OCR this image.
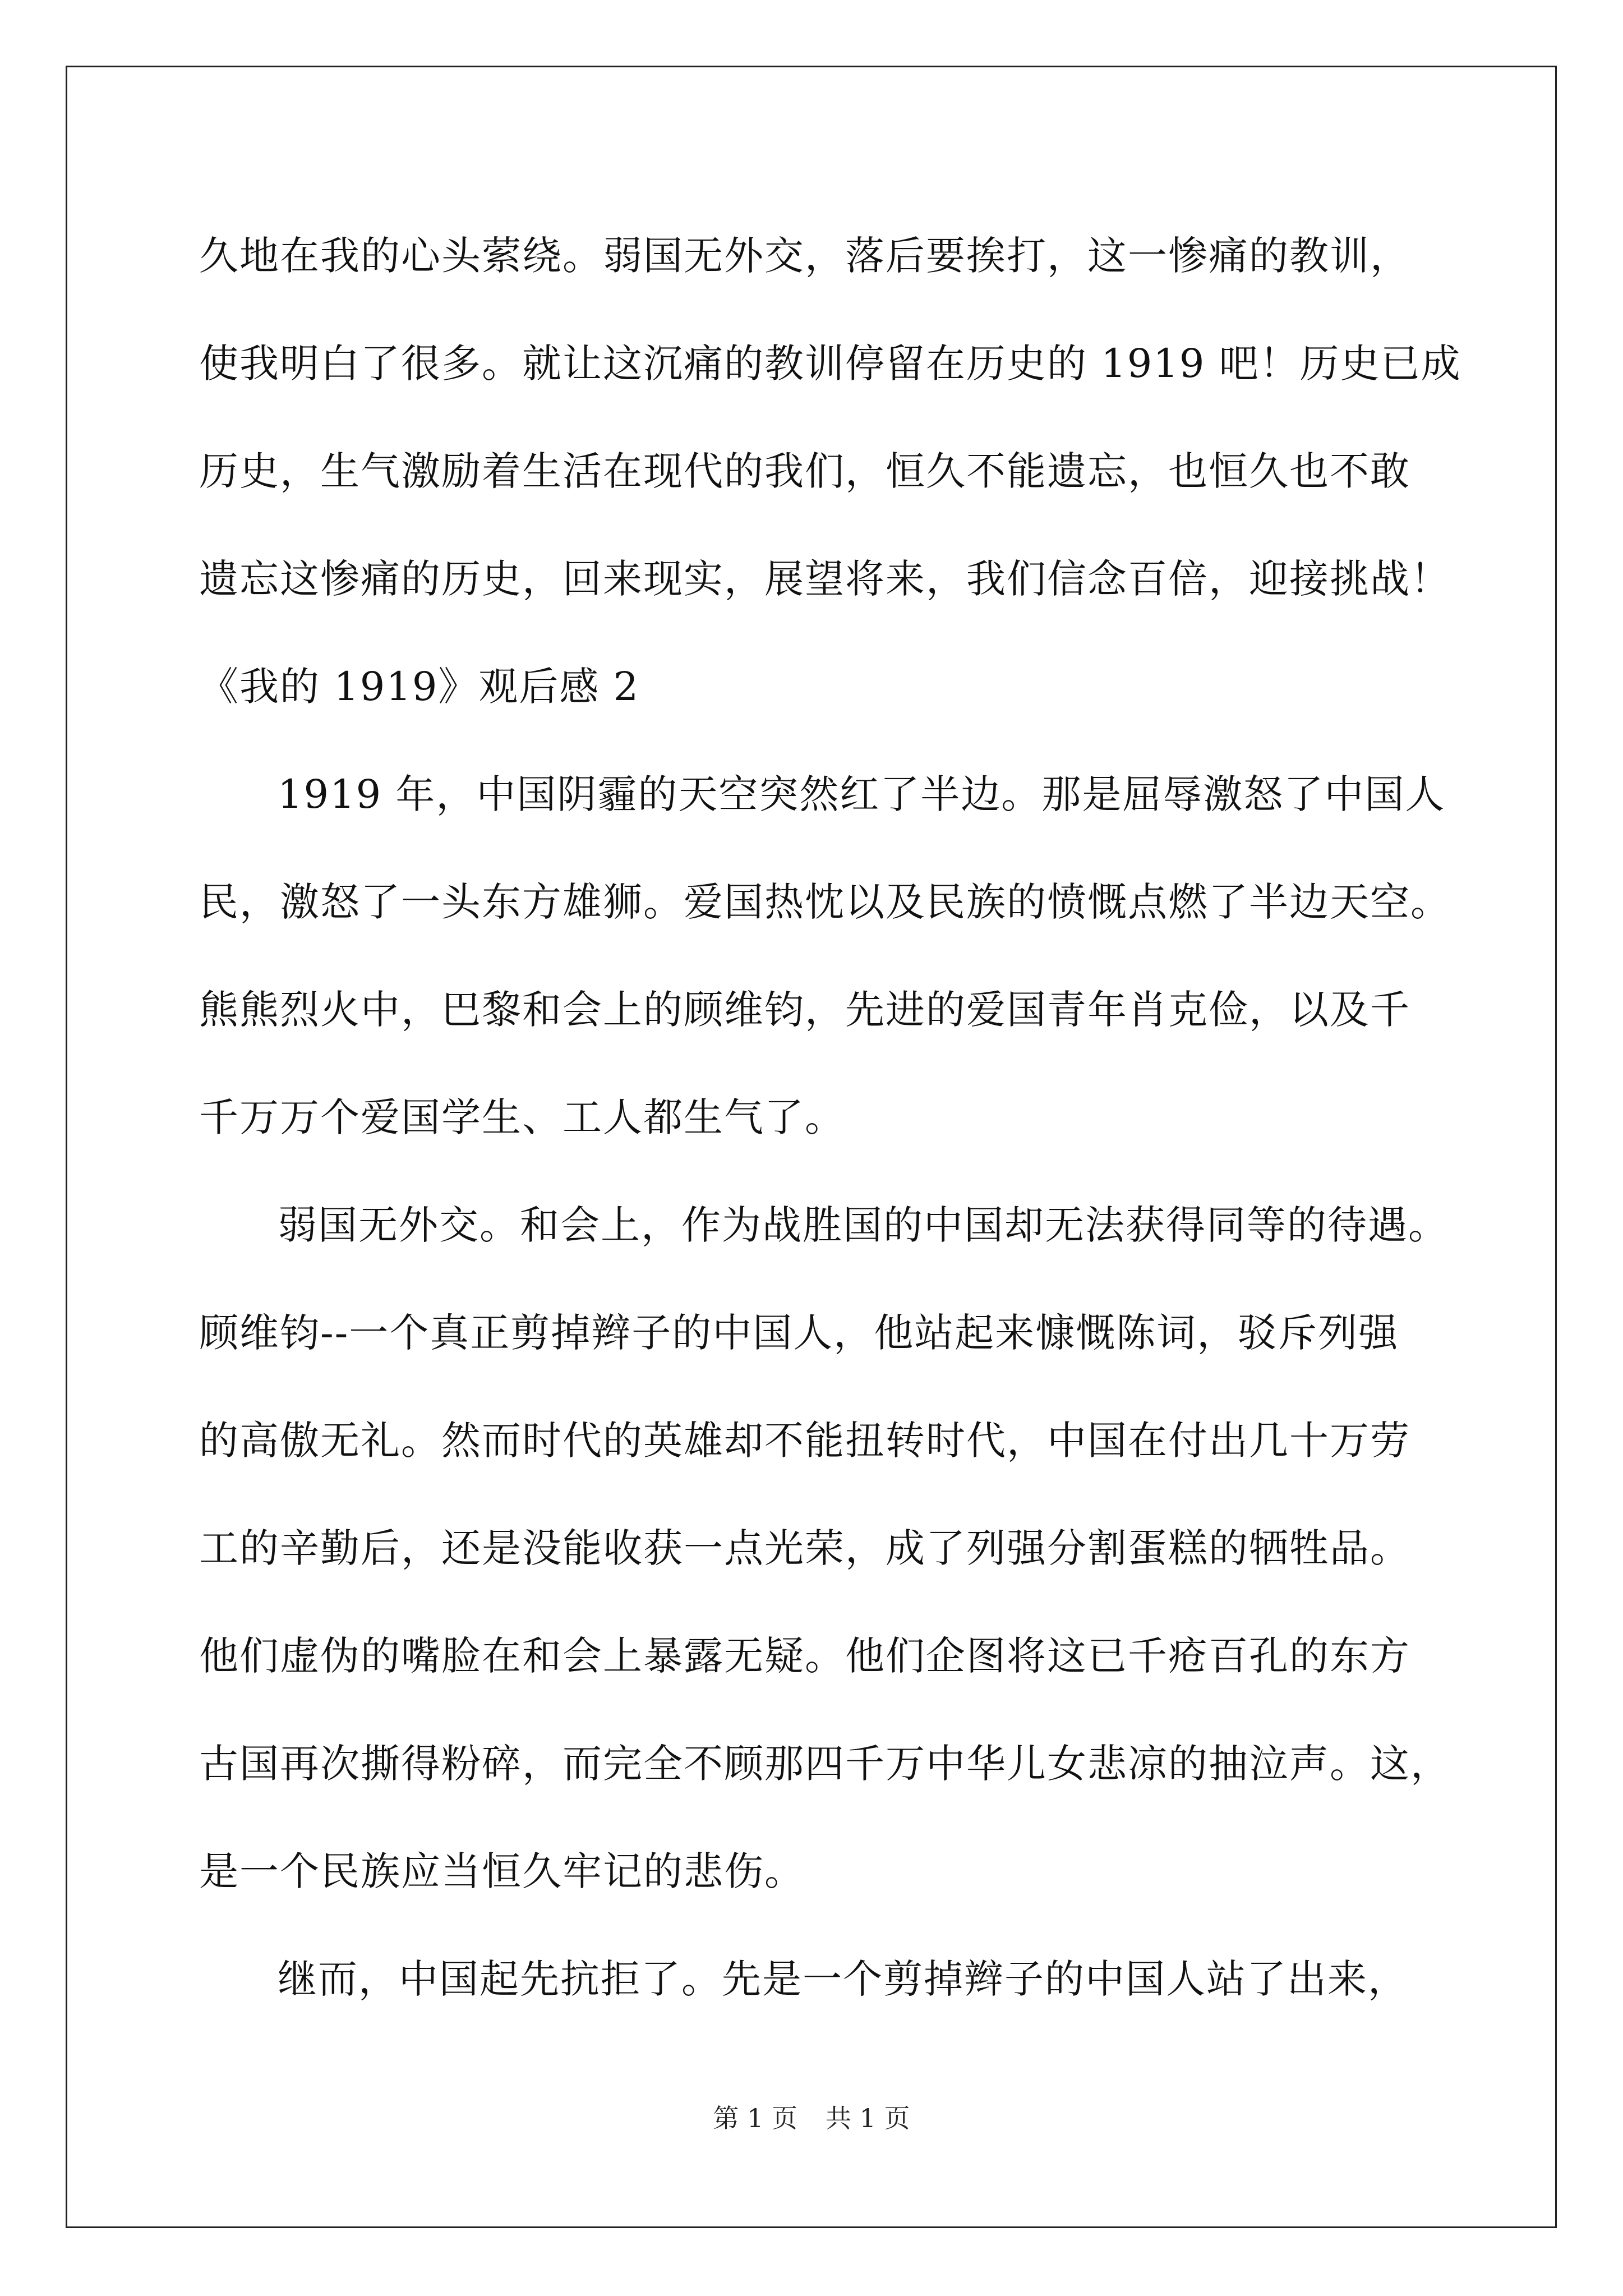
久地在我的心头萦绕。弱国无外交，落后要挨打，这一惨痛的教训，
使我明白了很多。就让这沉痛的教训停留在历史的 1919 吧！历史已成
历史，生气激励着生活在现代的我们，恒久不能遗忘，也恒久也不敢
遗忘这惨痛的历史，回来现实，展望将来，我们信念百倍，迎接挑战！
《我的 1919》观后感 2
1919 年，中国阴霾的天空突然红了半边。那是屈辱激怒了中国人
民，激怒了一头东方雄狮。爱国热忱以及民族的愤慨点燃了半边天空。
熊熊烈火中，巴黎和会上的顾维钧，先进的爱国青年肖克俭，以及千
千万万个爱国学生、工人都生气了。
弱国无外交。和会上，作为战胜国的中国却无法获得同等的待遇。
顾维钧--一个真正剪掉辫子的中国人，他站起来慷慨陈词，驳斥列强
的高傲无礼。然而时代的英雄却不能扭转时代，中国在付出几十万劳
工的辛勤后，还是没能收获一点光荣，成了列强分割蛋糕的牺牲品。
他们虚伪的嘴脸在和会上暴露无疑。他们企图将这已千疮百孔的东方
古国再次撕得粉碎，而完全不顾那四千万中华儿女悲凉的抽泣声。这，
是一个民族应当恒久牢记的悲伤。
继而，中国起先抗拒了。先是一个剪掉辫子的中国人站了出来，
第 1 页 共 1 页
